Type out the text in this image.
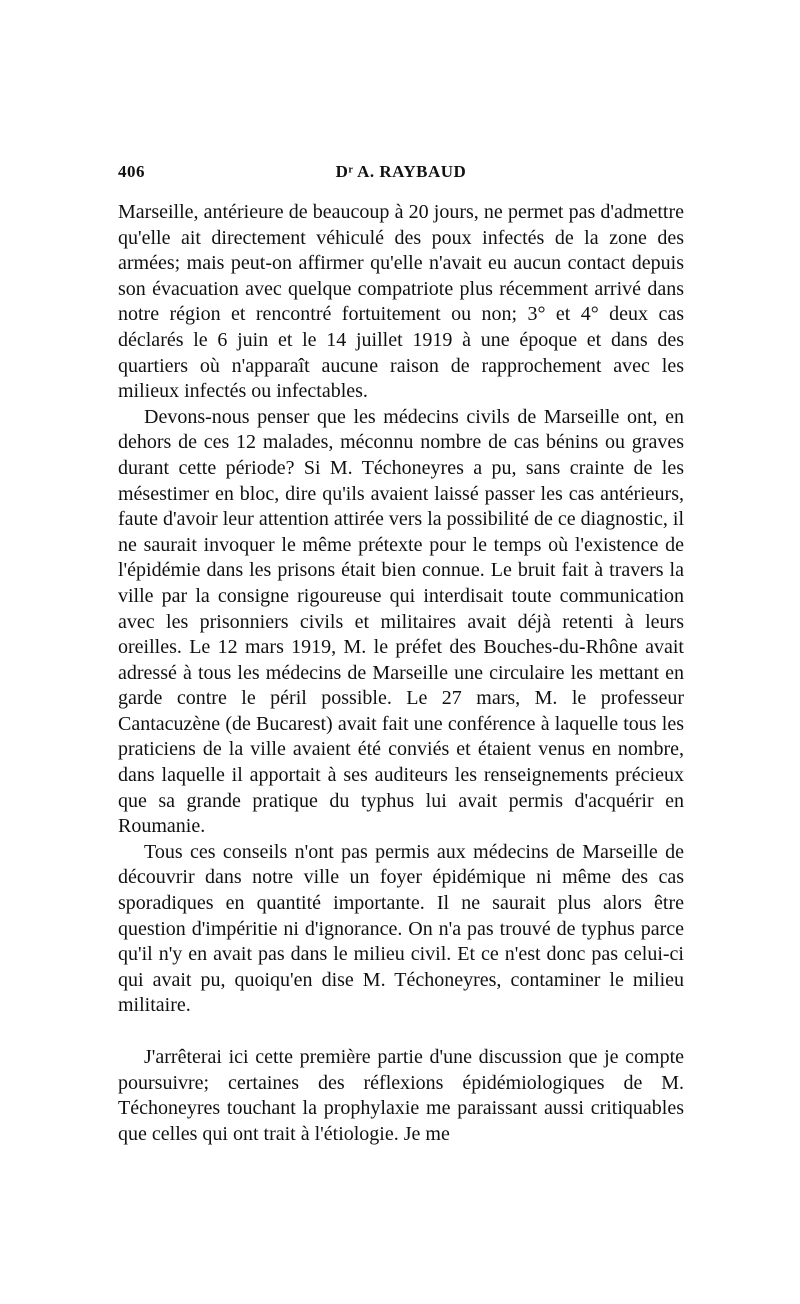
406	Dʳ A. RAYBAUD

Marseille, antérieure de beaucoup à 20 jours, ne permet pas d'admettre qu'elle ait directement véhiculé des poux infectés de la zone des armées; mais peut-on affirmer qu'elle n'avait eu aucun contact depuis son évacuation avec quelque compatriote plus récemment arrivé dans notre région et rencontré fortuitement ou non; 3° et 4° deux cas déclarés le 6 juin et le 14 juillet 1919 à une époque et dans des quartiers où n'apparaît aucune raison de rapprochement avec les milieux infectés ou infectables.

Devons-nous penser que les médecins civils de Marseille ont, en dehors de ces 12 malades, méconnu nombre de cas bénins ou graves durant cette période? Si M. Téchoneyres a pu, sans crainte de les mésestimer en bloc, dire qu'ils avaient laissé passer les cas antérieurs, faute d'avoir leur attention attirée vers la possibilité de ce diagnostic, il ne saurait invoquer le même prétexte pour le temps où l'existence de l'épidémie dans les prisons était bien connue. Le bruit fait à travers la ville par la consigne rigoureuse qui interdisait toute communication avec les prisonniers civils et militaires avait déjà retenti à leurs oreilles. Le 12 mars 1919, M. le préfet des Bouches-du-Rhône avait adressé à tous les médecins de Marseille une circulaire les mettant en garde contre le péril possible. Le 27 mars, M. le professeur Cantacuzène (de Bucarest) avait fait une conférence à laquelle tous les praticiens de la ville avaient été conviés et étaient venus en nombre, dans laquelle il apportait à ses auditeurs les renseignements précieux que sa grande pratique du typhus lui avait permis d'acquérir en Roumanie.

Tous ces conseils n'ont pas permis aux médecins de Marseille de découvrir dans notre ville un foyer épidémique ni même des cas sporadiques en quantité importante. Il ne saurait plus alors être question d'impéritie ni d'ignorance. On n'a pas trouvé de typhus parce qu'il n'y en avait pas dans le milieu civil. Et ce n'est donc pas celui-ci qui avait pu, quoiqu'en dise M. Téchoneyres, contaminer le milieu militaire.

J'arrêterai ici cette première partie d'une discussion que je compte poursuivre; certaines des réflexions épidémiologiques de M. Téchoneyres touchant la prophylaxie me paraissant aussi critiquables que celles qui ont trait à l'étiologie. Je me
